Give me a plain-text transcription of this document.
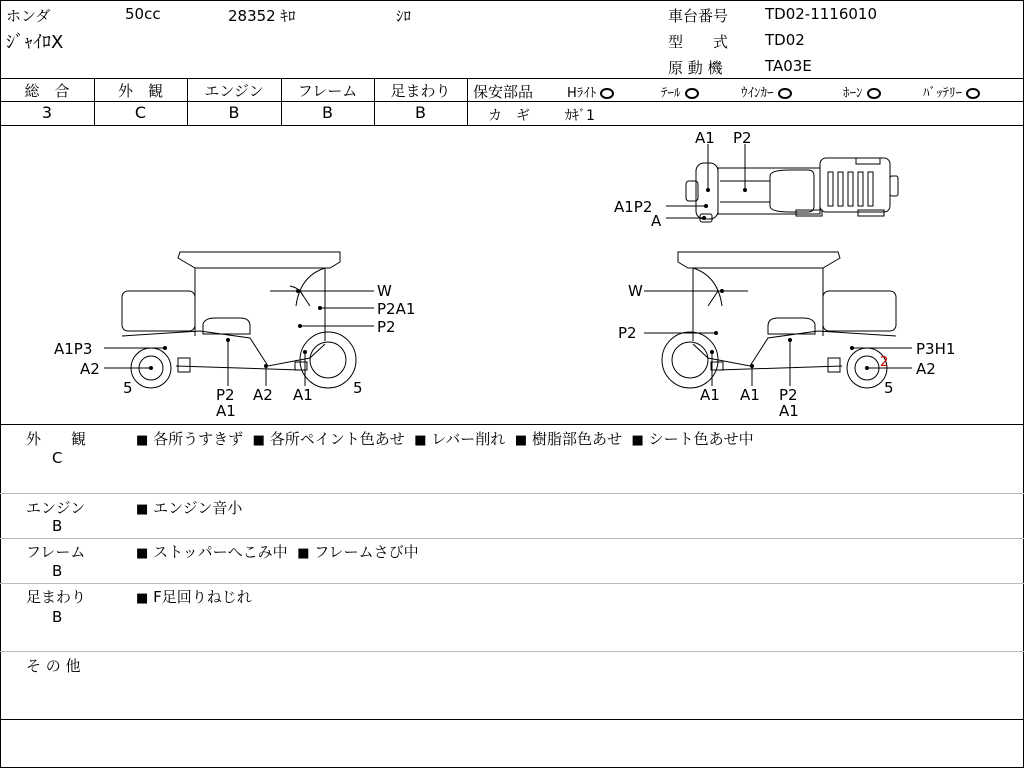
ホンダ	50cc	28352 ｷﾛ	ｼﾛ
ｼﾞｬｲﾛX
車台番号 TD02-1116010
型　　式 TD02
原 動 機	TA03E
総　合	外　観	エンジン	フレーム	足まわり
3	C	B	B	B
保安部品	Hﾗｲﾄ	ﾃｰﾙ	ｳｲﾝｶｰ	ﾎｰﾝ	ﾊﾞｯﾃﾘｰ
カ　ギ	ｶｷﾞ1
A1 P2
A1P2
A
W
P2A1
P2
A1P3
A2
5	P2
A1
A2 A1	5
W
P2
P3H1
A2
5
A1 A1 P2
A1
2
外　　観
C
■ 各所うすきず ■ 各所ペイント色あせ ■ レバー削れ ■ 樹脂部色あせ ■ シート色あせ中
エンジン
B
■ エンジン音小
フレーム
B
■ ストッパーへこみ中 ■ フレームさび中
足まわり
B
■ F足回りねじれ
そ の 他
